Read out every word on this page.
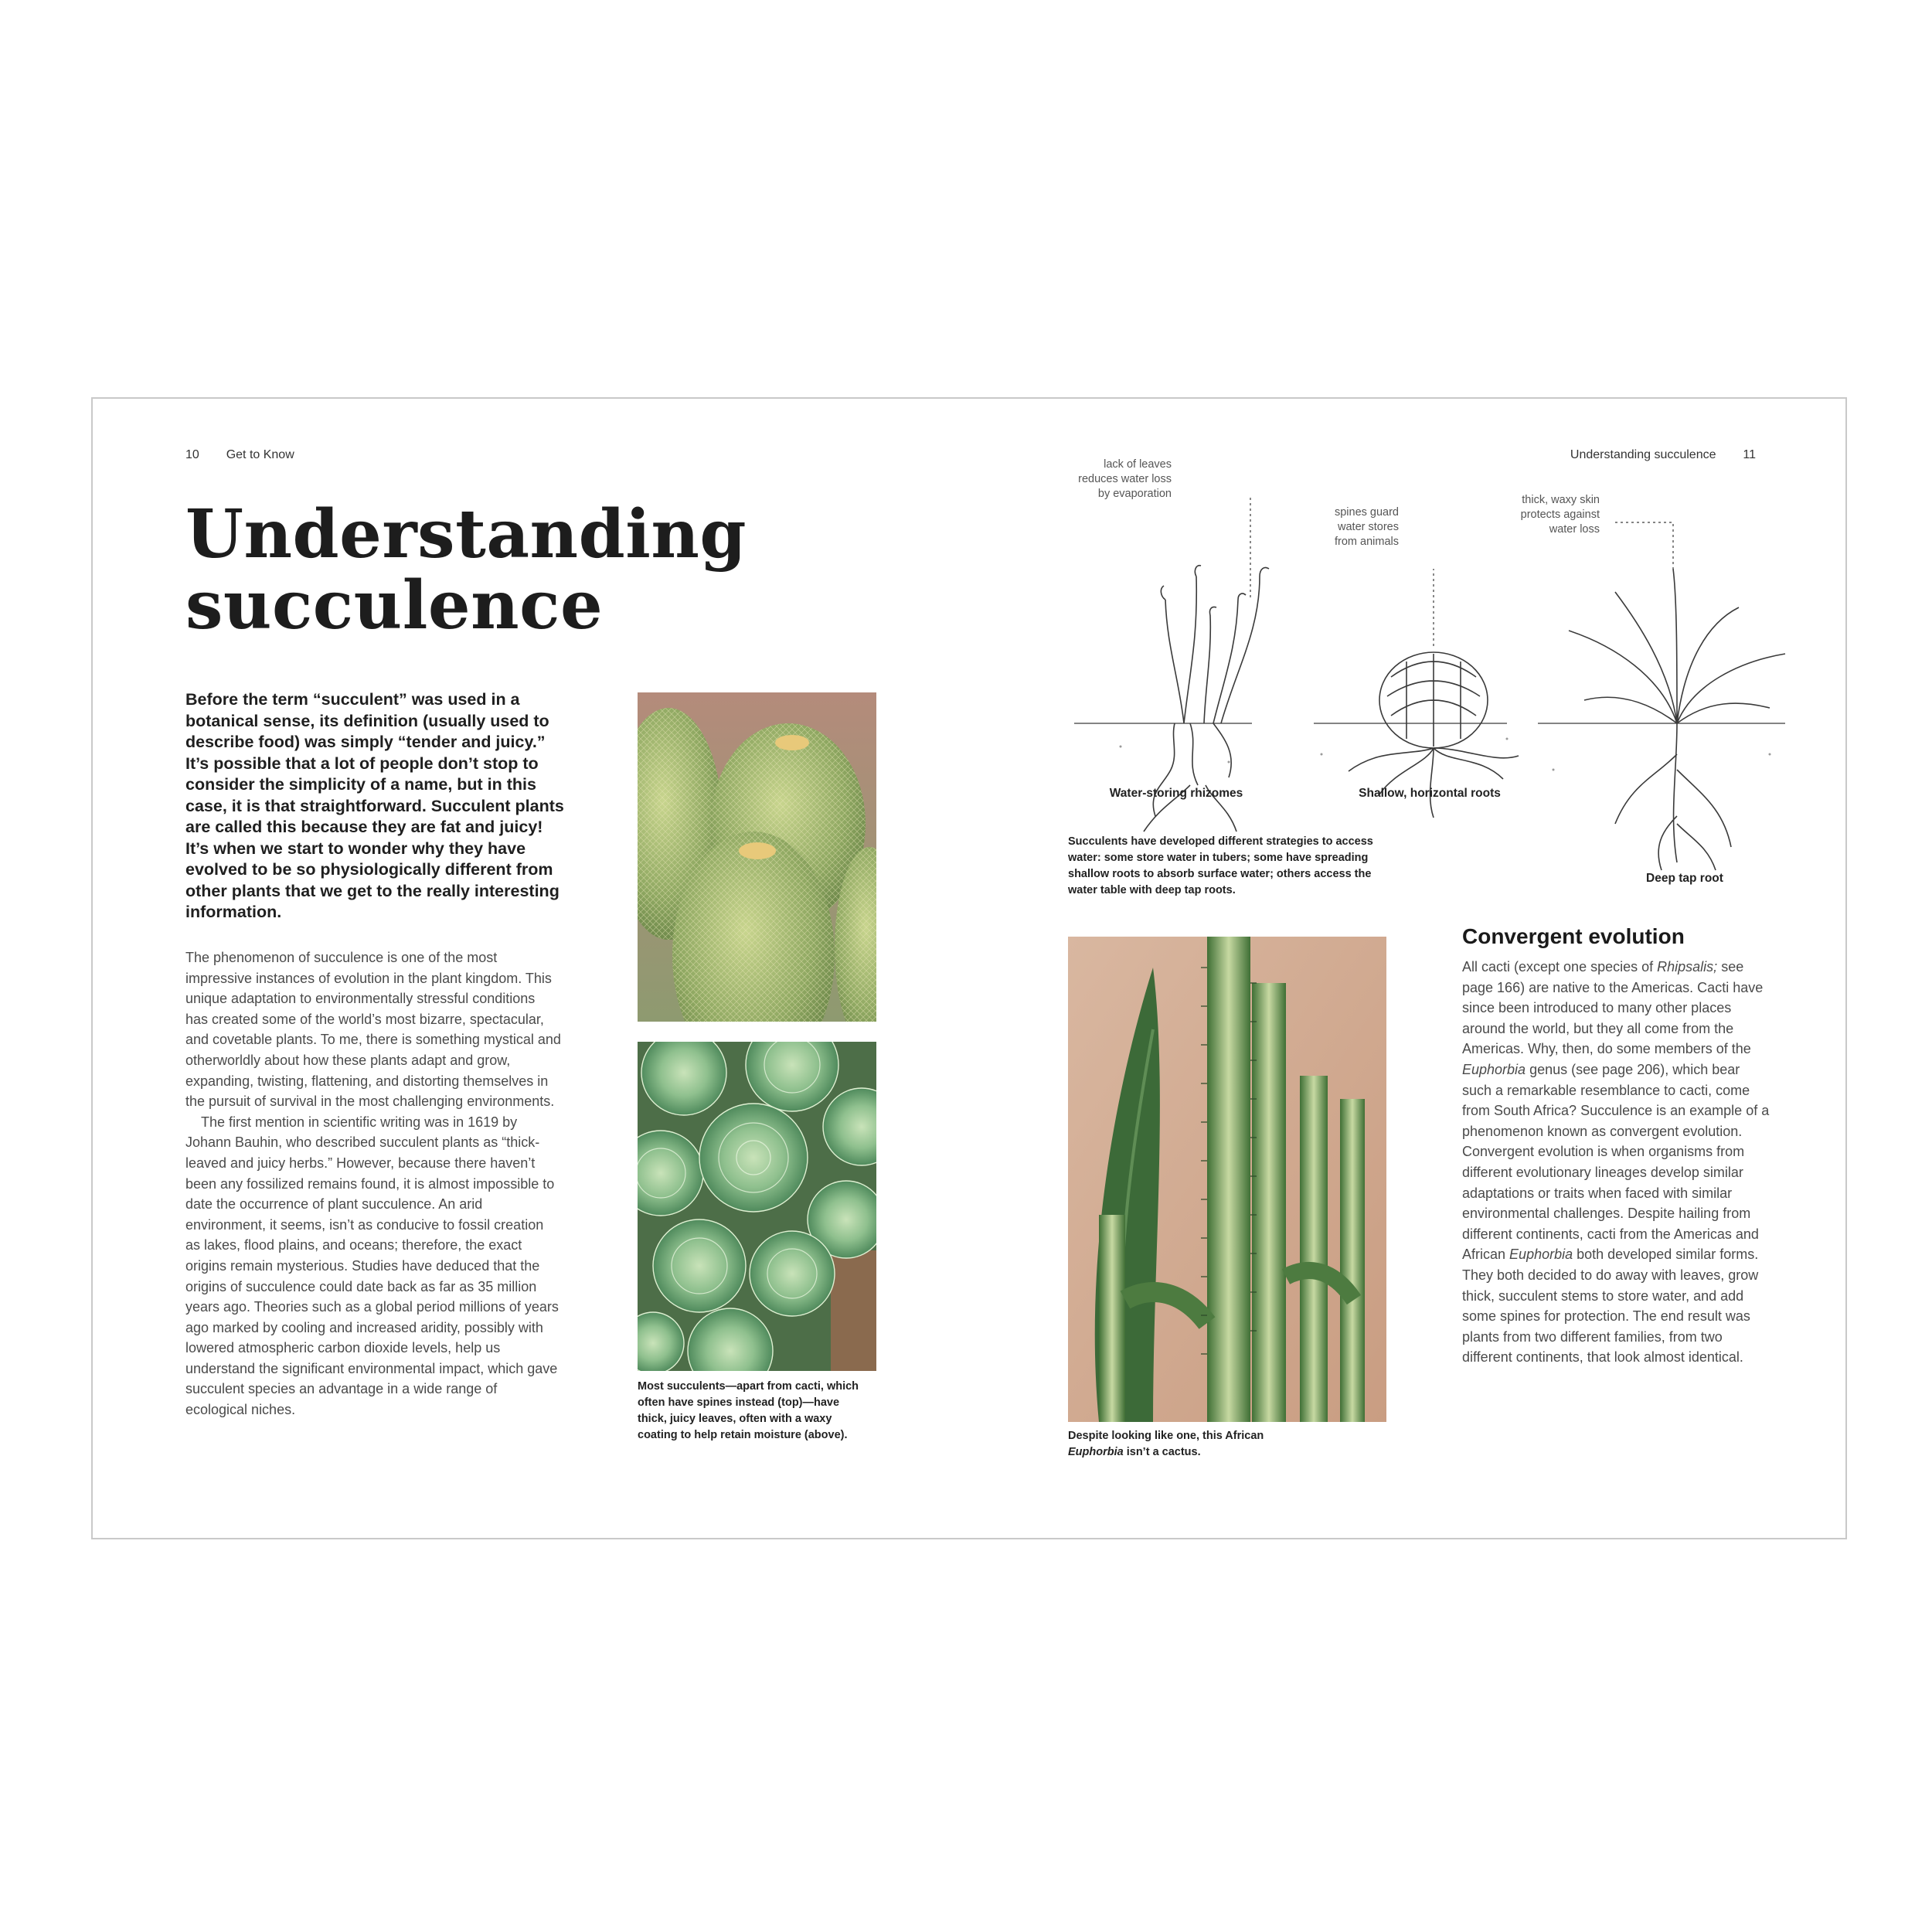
10 Get to Know
Understanding
succulence

Before the term “succulent” was used in a botanical sense, its definition (usually used to describe food) was simply “tender and juicy.” It’s possible that a lot of people don’t stop to consider the simplicity of a name, but in this case, it is that straightforward. Succulent plants are called this because they are fat and juicy! It’s when we start to wonder why they have evolved to be so physiologically different from other plants that we get to the really interesting information.

The phenomenon of succulence is one of the most impressive instances of evolution in the plant kingdom. This unique adaptation to environmentally stressful conditions has created some of the world’s most bizarre, spectacular, and covetable plants. To me, there is something mystical and otherworldly about how these plants adapt and grow, expanding, twisting, flattening, and distorting themselves in the pursuit of survival in the most challenging environments.

The first mention in scientific writing was in 1619 by Johann Bauhin, who described succulent plants as “thick-leaved and juicy herbs.” However, because there haven’t been any fossilized remains found, it is almost impossible to date the occurrence of plant succulence. An arid environment, it seems, isn’t as conducive to fossil creation as lakes, flood plains, and oceans; therefore, the exact origins remain mysterious. Studies have deduced that the origins of succulence could date back as far as 35 million years ago. Theories such as a global period millions of years ago marked by cooling and increased aridity, possibly with lowered atmospheric carbon dioxide levels, help us understand the significant environmental impact, which gave succulent species an advantage in a wide range of ecological niches.

Most succulents—apart from cacti, which often have spines instead (top)—have thick, juicy leaves, often with a waxy coating to help retain moisture (above).

Understanding succulence 11
lack of leaves
reduces water loss
by evaporation
spines guard
water stores
from animals
thick, waxy skin
protects against
water loss
Water-storing rhizomes	Shallow, horizontal roots
Deep tap root

Succulents have developed different strategies to access water: some store water in tubers; some have spreading shallow roots to absorb surface water; others access the water table with deep tap roots.

Despite looking like one, this African
Euphorbia isn’t a cactus.

Convergent evolution

All cacti (except one species of Rhipsalis; see page 166) are native to the Americas. Cacti have since been introduced to many other places around the world, but they all come from the Americas. Why, then, do some members of the Euphorbia genus (see page 206), which bear such a remarkable resemblance to cacti, come from South Africa? Succulence is an example of a phenomenon known as convergent evolution. Convergent evolution is when organisms from different evolutionary lineages develop similar adaptations or traits when faced with similar environmental challenges. Despite hailing from different continents, cacti from the Americas and African Euphorbia both developed similar forms. They both decided to do away with leaves, grow thick, succulent stems to store water, and add some spines for protection. The end result was plants from two different families, from two different continents, that look almost identical.
